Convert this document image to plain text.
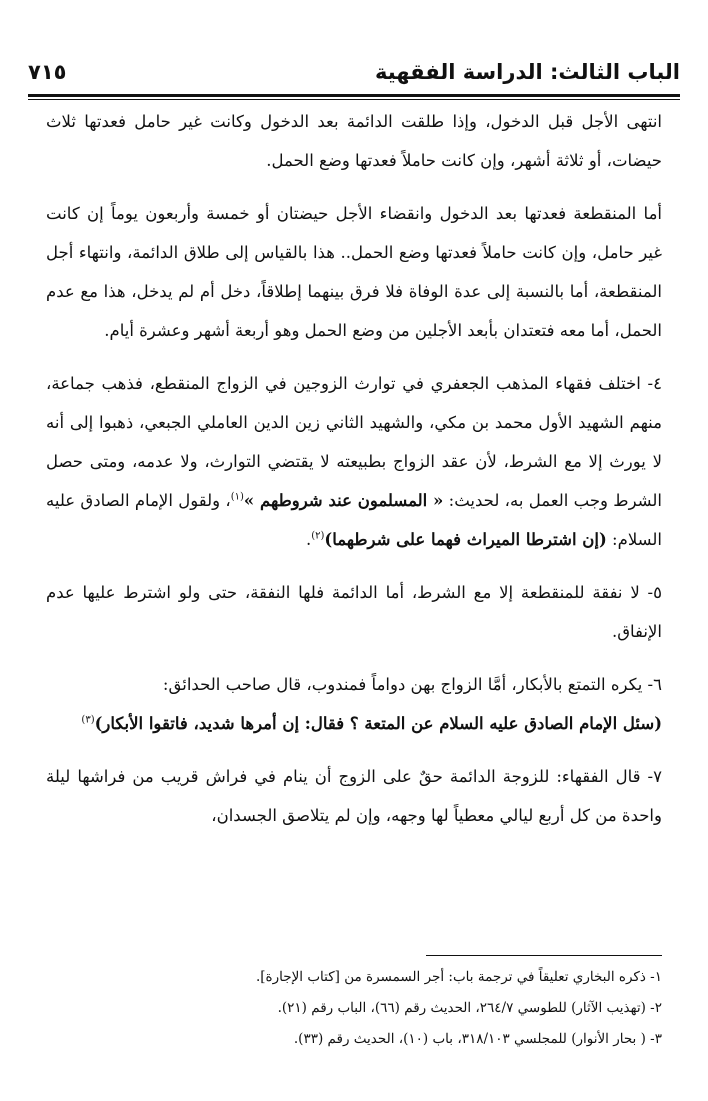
الباب الثالث: الدراسة الفقهية
٧١٥

انتهى الأجل قبل الدخول، وإذا طلقت الدائمة بعد الدخول وكانت غير حامل فعدتها ثلاث حيضات، أو ثلاثة أشهر، وإن كانت حاملاً فعدتها وضع الحمل.

أما المنقطعة فعدتها بعد الدخول وانقضاء الأجل حيضتان أو خمسة وأربعون يوماً إن كانت غير حامل، وإن كانت حاملاً فعدتها وضع الحمل.. هذا بالقياس إلى طلاق الدائمة، وانتهاء أجل المنقطعة، أما بالنسبة إلى عدة الوفاة فلا فرق بينهما إطلاقاً، دخل أم لم يدخل، هذا مع عدم الحمل، أما معه فتعتدان بأبعد الأجلين من وضع الحمل وهو أربعة أشهر وعشرة أيام.

٤- اختلف فقهاء المذهب الجعفري في توارث الزوجين في الزواج المنقطع، فذهب جماعة، منهم الشهيد الأول محمد بن مكي، والشهيد الثاني زين الدين العاملي الجبعي، ذهبوا إلى أنه لا يورث إلا مع الشرط، لأن عقد الزواج بطبيعته لا يقتضي التوارث، ولا عدمه، ومتى حصل الشرط وجب العمل به، لحديث: « المسلمون عند شروطهم »$^{(١)}$، ولقول الإمام الصادق عليه السلام: (إن اشترطا الميراث فهما على شرطهما)$^{(٢)}$.

٥- لا نفقة للمنقطعة إلا مع الشرط، أما الدائمة فلها النفقة، حتى ولو اشترط عليها عدم الإنفاق.

٦- يكره التمتع بالأبكار، أمَّا الزواج بهن دواماً فمندوب، قال صاحب الحدائق:
(سئل الإمام الصادق عليه السلام عن المتعة ؟ فقال: إن أمرها شديد، فاتقوا الأبكار)$^{(٣)}$

٧- قال الفقهاء: للزوجة الدائمة حقٌ على الزوج أن ينام في فراش قريب من فراشها ليلة واحدة من كل أربع ليالي معطياً لها وجهه، وإن لم يتلاصق الجسدان،

١- ذكره البخاري تعليقاً في ترجمة باب: أجر السمسرة من [كتاب الإجارة].
٢- (تهذيب الآثار) للطوسي ٢٦٤/٧، الحديث رقم (٦٦)، الباب رقم (٢١).
٣- ( بحار الأنوار) للمجلسي ٣١٨/١٠٣، باب (١٠)، الحديث رقم (٣٣).
